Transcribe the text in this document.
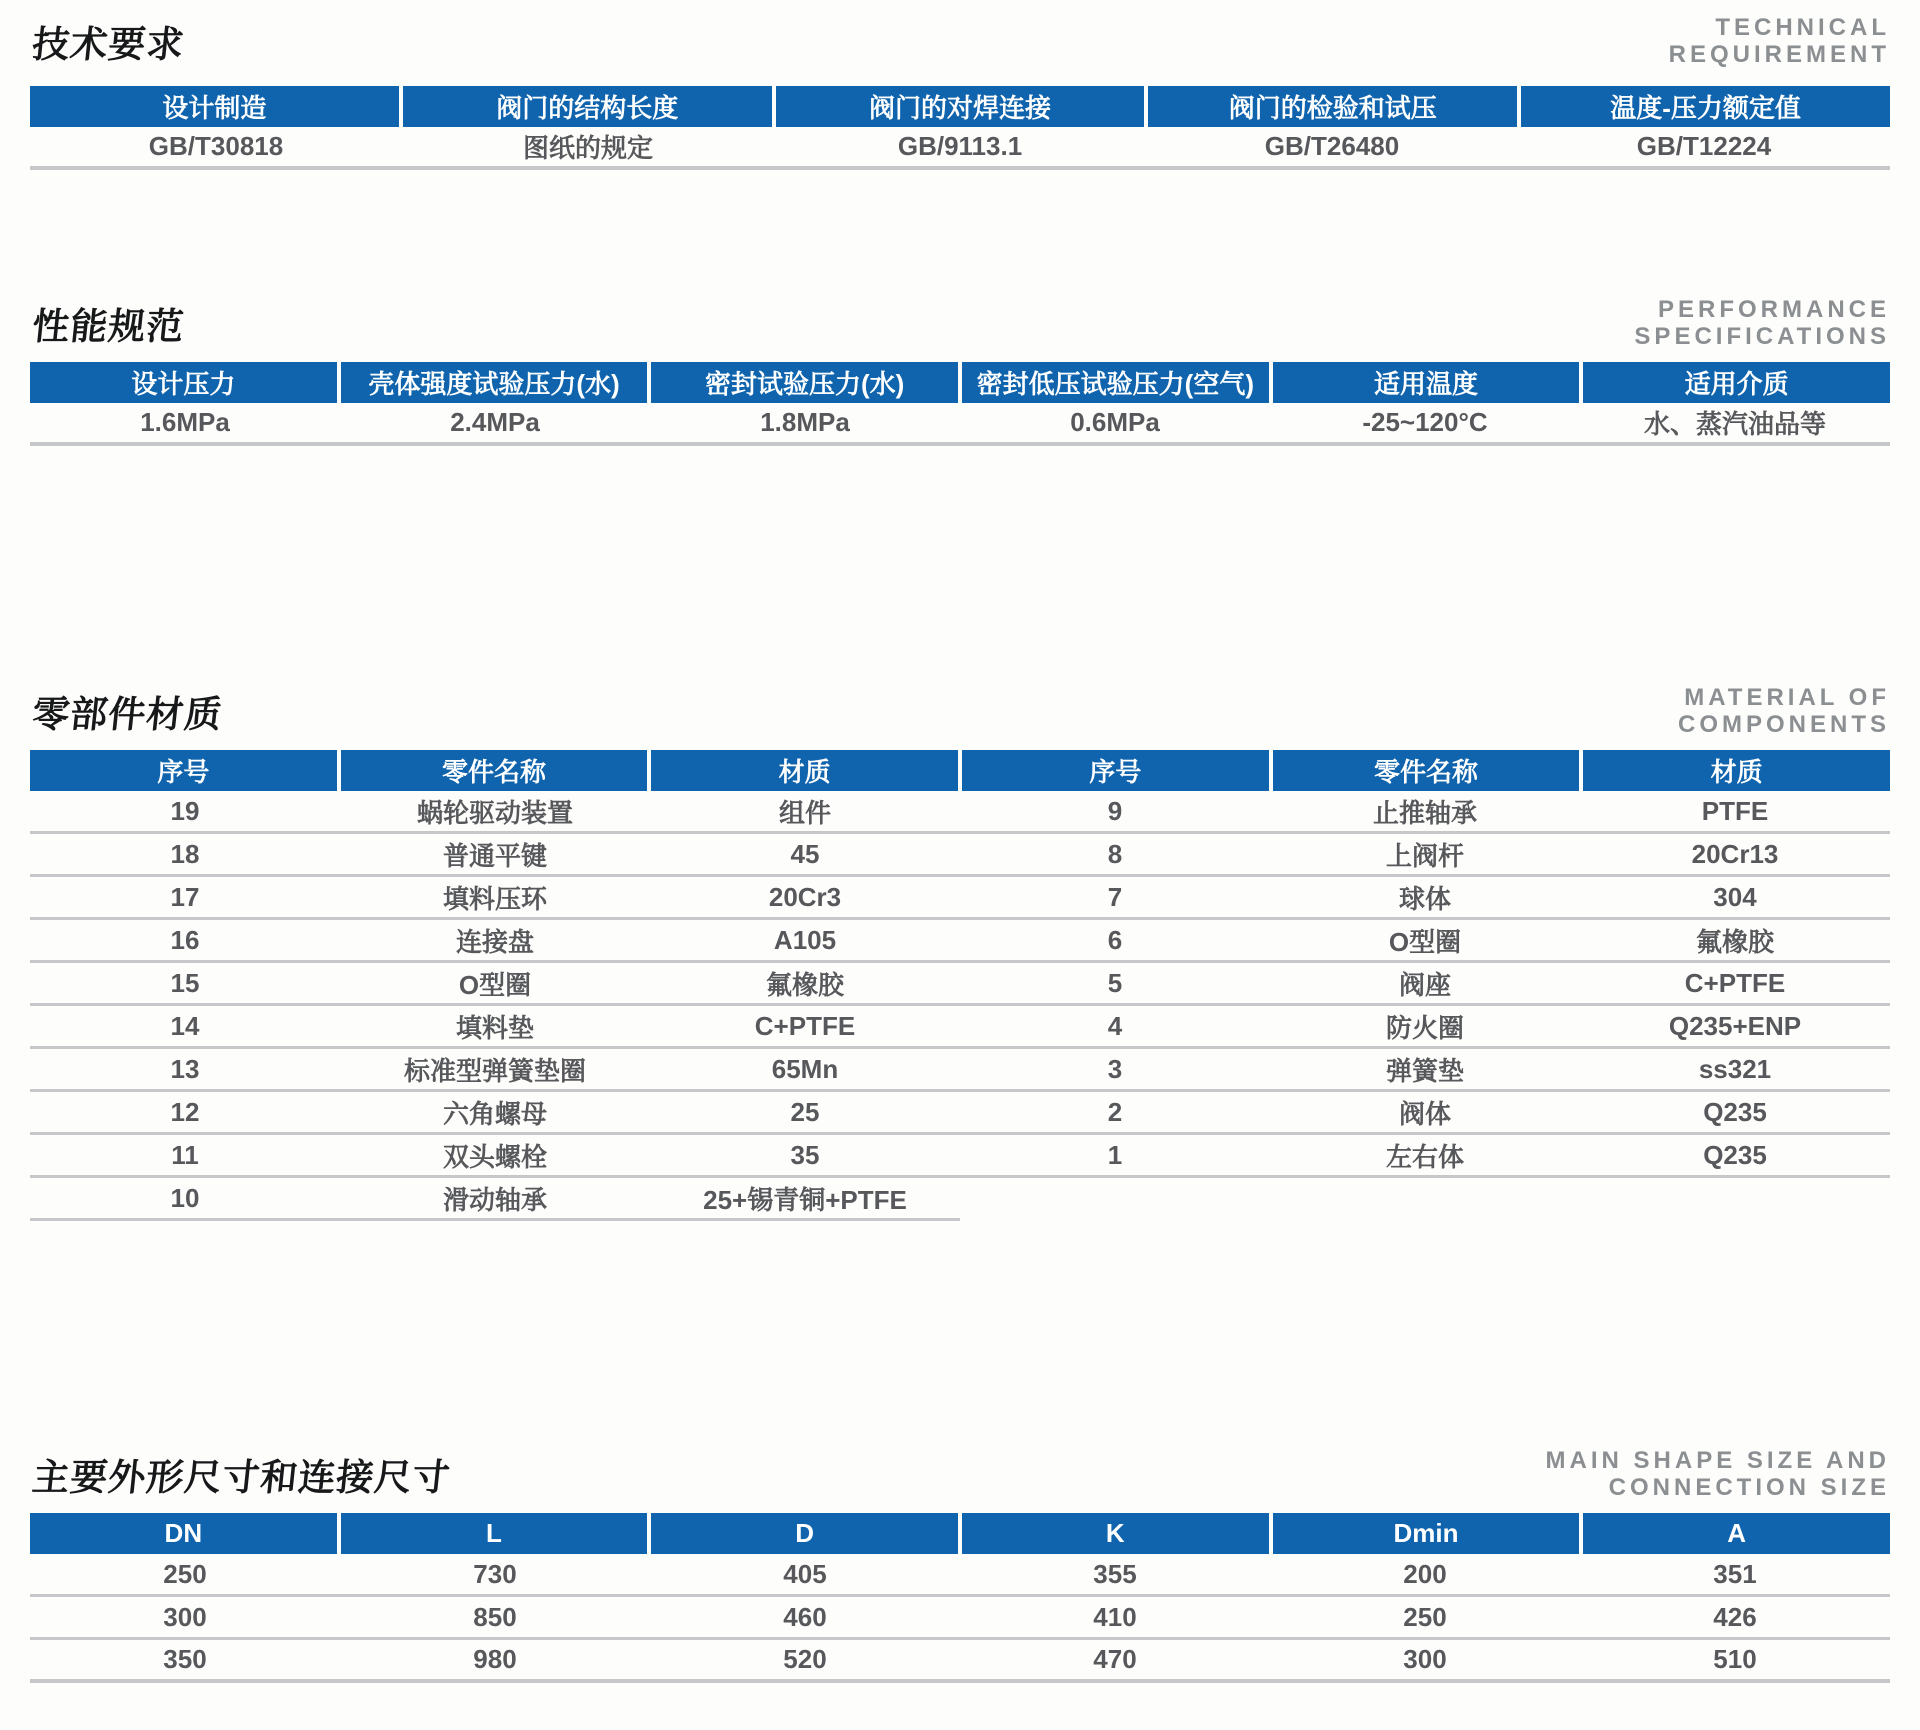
技术要求	TECHNICAL
REQUIREMENT
设计制造	阀门的结构长度	阀门的对焊连接	阀门的检验和试压	温度-压力额定值
GB/T30818	图纸的规定	GB/9113.1	GB/T26480	GB/T12224
性能规范	PERFORMANCE
SPECIFICATIONS
设计压力	壳体强度试验压力(水)	密封试验压力(水)	密封低压试验压力(空气)	适用温度	适用介质
1.6MPa	2.4MPa	1.8MPa	0.6MPa	-25~120°C	水、蒸汽油品等
零部件材质	MATERIAL OF
COMPONENTS
序号	零件名称	材质	序号	零件名称	材质
19	蜗轮驱动装置	组件	9	止推轴承	PTFE
18	普通平键	45	8	上阀杆	20Cr13
17	填料压环	20Cr3	7	球体	304
16	连接盘	A105	6	O型圈	氟橡胶
15	O型圈	氟橡胶	5	阀座	C+PTFE
14	填料垫	C+PTFE	4	防火圈	Q235+ENP
13	标准型弹簧垫圈	65Mn	3	弹簧垫	ss321
12	六角螺母	25	2	阀体	Q235
11	双头螺栓	35	1	左右体	Q235
10	滑动轴承	25+锡青铜+PTFE
主要外形尺寸和连接尺寸	MAIN SHAPE SIZE AND
CONNECTION SIZE
DN	L	D	K	Dmin	A
250	730	405	355	200	351
300	850	460	410	250	426
350	980	520	470	300	510
